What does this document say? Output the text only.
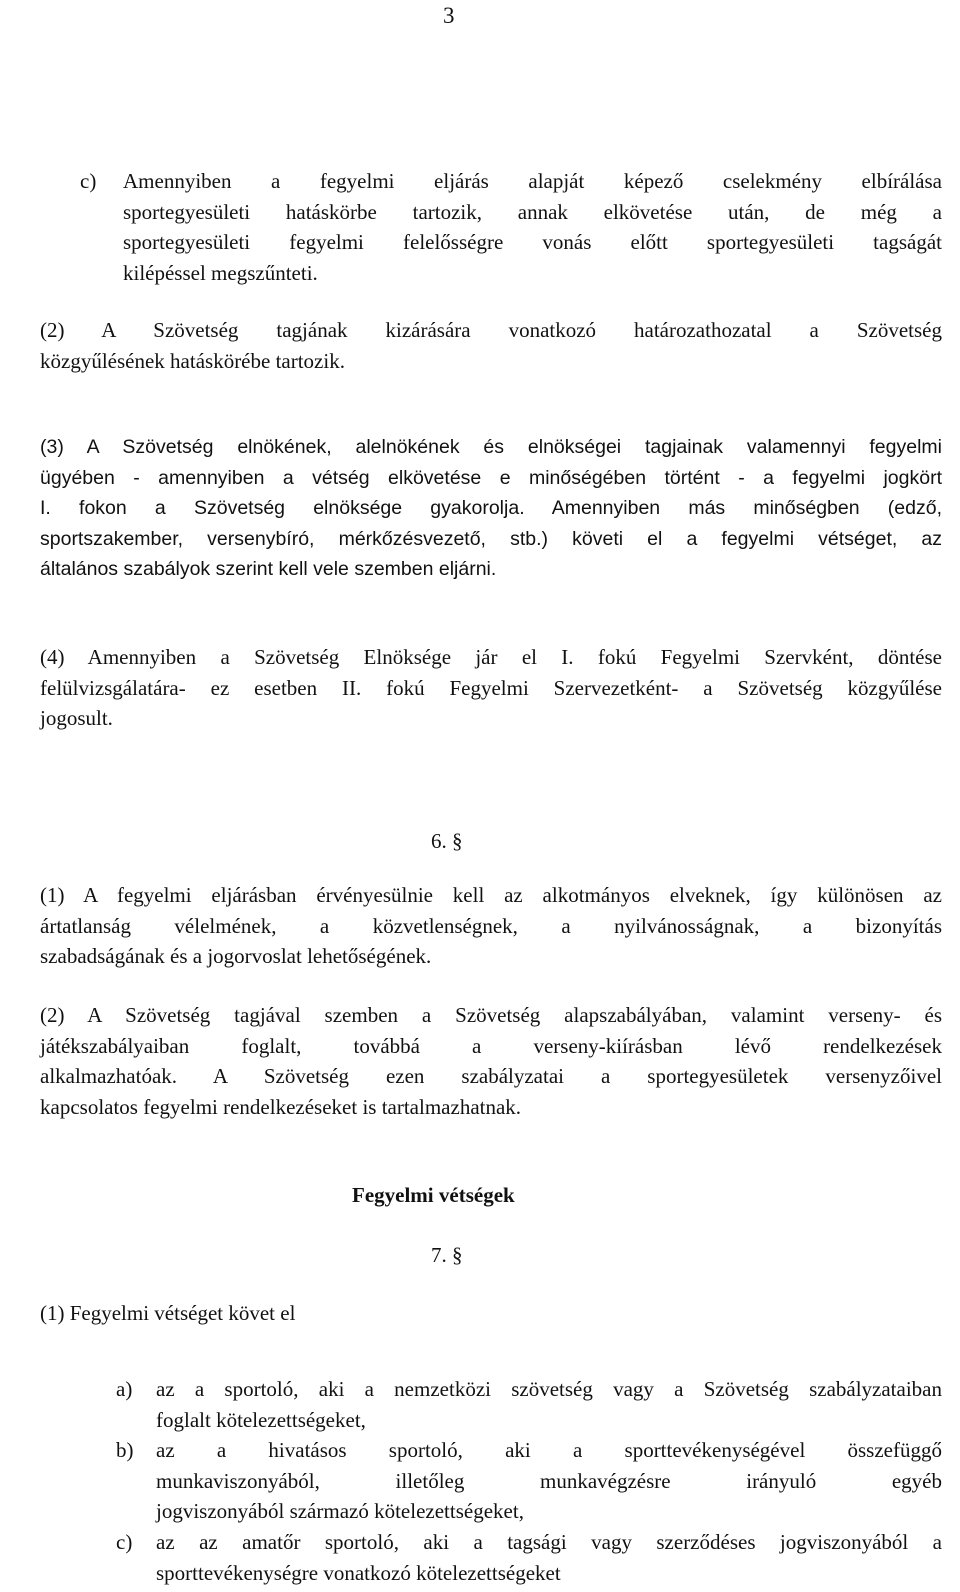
3
c) Amennyiben a fegyelmi eljárás alapját képező cselekmény elbírálása
sportegyesületi hatáskörbe tartozik, annak elkövetése után, de még a
sportegyesületi fegyelmi felelősségre vonás előtt sportegyesületi tagságát
kilépéssel megszűnteti.
(2) A Szövetség tagjának kizárására vonatkozó határozathozatal a Szövetség
közgyűlésének hatáskörébe tartozik.
(3) A Szövetség elnökének, alelnökének és elnökségei tagjainak valamennyi fegyelmi
ügyében - amennyiben a vétség elkövetése e minőségében történt - a fegyelmi jogkört
I. fokon a Szövetség elnöksége gyakorolja. Amennyiben más minőségben (edző,
sportszakember, versenybíró, mérkőzésvezető, stb.) követi el a fegyelmi vétséget, az
általános szabályok szerint kell vele szemben eljárni.
(4) Amennyiben a Szövetség Elnöksége jár el I. fokú Fegyelmi Szervként, döntése
felülvizsgálatára- ez esetben II. fokú Fegyelmi Szervezetként- a Szövetség közgyűlése
jogosult.
6. §
(1) A fegyelmi eljárásban érvényesülnie kell az alkotmányos elveknek, így különösen az
ártatlanság vélelmének, a közvetlenségnek, a nyilvánosságnak, a bizonyítás
szabadságának és a jogorvoslat lehetőségének.
(2) A Szövetség tagjával szemben a Szövetség alapszabályában, valamint verseny- és
játékszabályaiban foglalt, továbbá a verseny-kiírásban lévő rendelkezések
alkalmazhatóak. A Szövetség ezen szabályzatai a sportegyesületek versenyzőivel
kapcsolatos fegyelmi rendelkezéseket is tartalmazhatnak.
Fegyelmi vétségek
7. §
(1) Fegyelmi vétséget követ el
a) az a sportoló, aki a nemzetközi szövetség vagy a Szövetség szabályzataiban
foglalt kötelezettségeket,
b) az a hivatásos sportoló, aki a sporttevékenységével összefüggő
munkaviszonyából, illetőleg munkavégzésre irányuló egyéb
jogviszonyából származó kötelezettségeket,
c) az az amatőr sportoló, aki a tagsági vagy szerződéses jogviszonyából a
sporttevékenységre vonatkozó kötelezettségeket
